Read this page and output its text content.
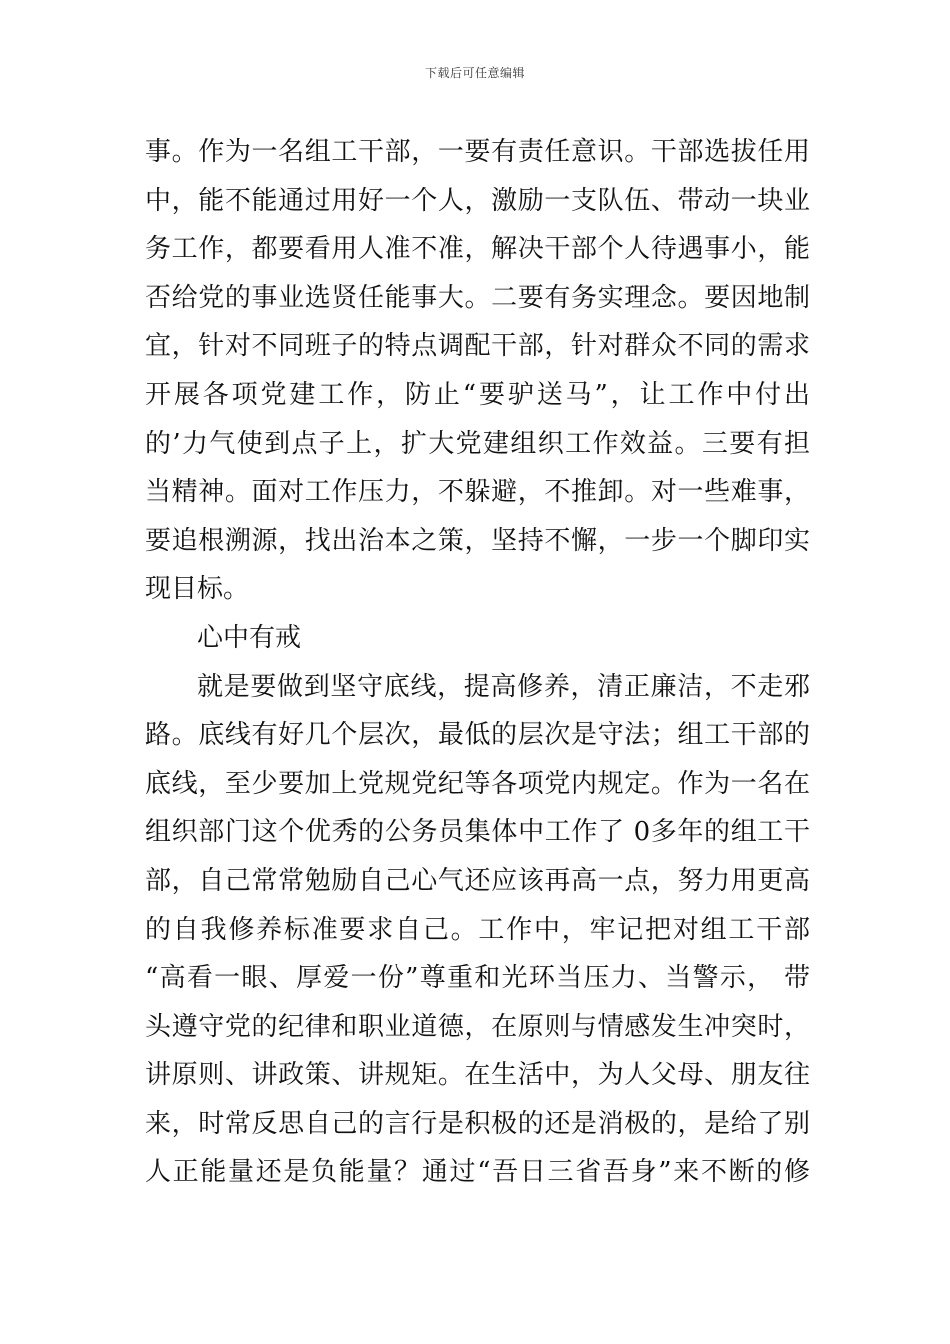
下载后可任意编辑
事。作为一名组工干部，一要有责任意识。干部选拔任用
中，能不能通过用好一个人，激励一支队伍、带动一块业
务工作，都要看用人准不准，解决干部个人待遇事小，能
否给党的事业选贤任能事大。二要有务实理念。要因地制
宜，针对不同班子的特点调配干部，针对群众不同的需求
开展各项党建工作，防止“要驴送马”，让工作中付出
的’力气使到点子上，扩大党建组织工作效益。三要有担
当精神。面对工作压力，不躲避，不推卸。对一些难事，
要追根溯源，找出治本之策，坚持不懈，一步一个脚印实
现目标。
心中有戒
就是要做到坚守底线，提高修养，清正廉洁，不走邪
路。底线有好几个层次，最低的层次是守法；组工干部的
底线，至少要加上党规党纪等各项党内规定。作为一名在
组织部门这个优秀的公务员集体中工作了 0多年的组工干
部，自己常常勉励自己心气还应该再高一点，努力用更高
的自我修养标准要求自己。工作中，牢记把对组工干部
“高看一眼、厚爱一份”尊重和光环当压力、当警示， 带
头遵守党的纪律和职业道德，在原则与情感发生冲突时，
讲原则、讲政策、讲规矩。在生活中，为人父母、朋友往
来，时常反思自己的言行是积极的还是消极的，是给了别
人正能量还是负能量？通过“吾日三省吾身”来不断的修
